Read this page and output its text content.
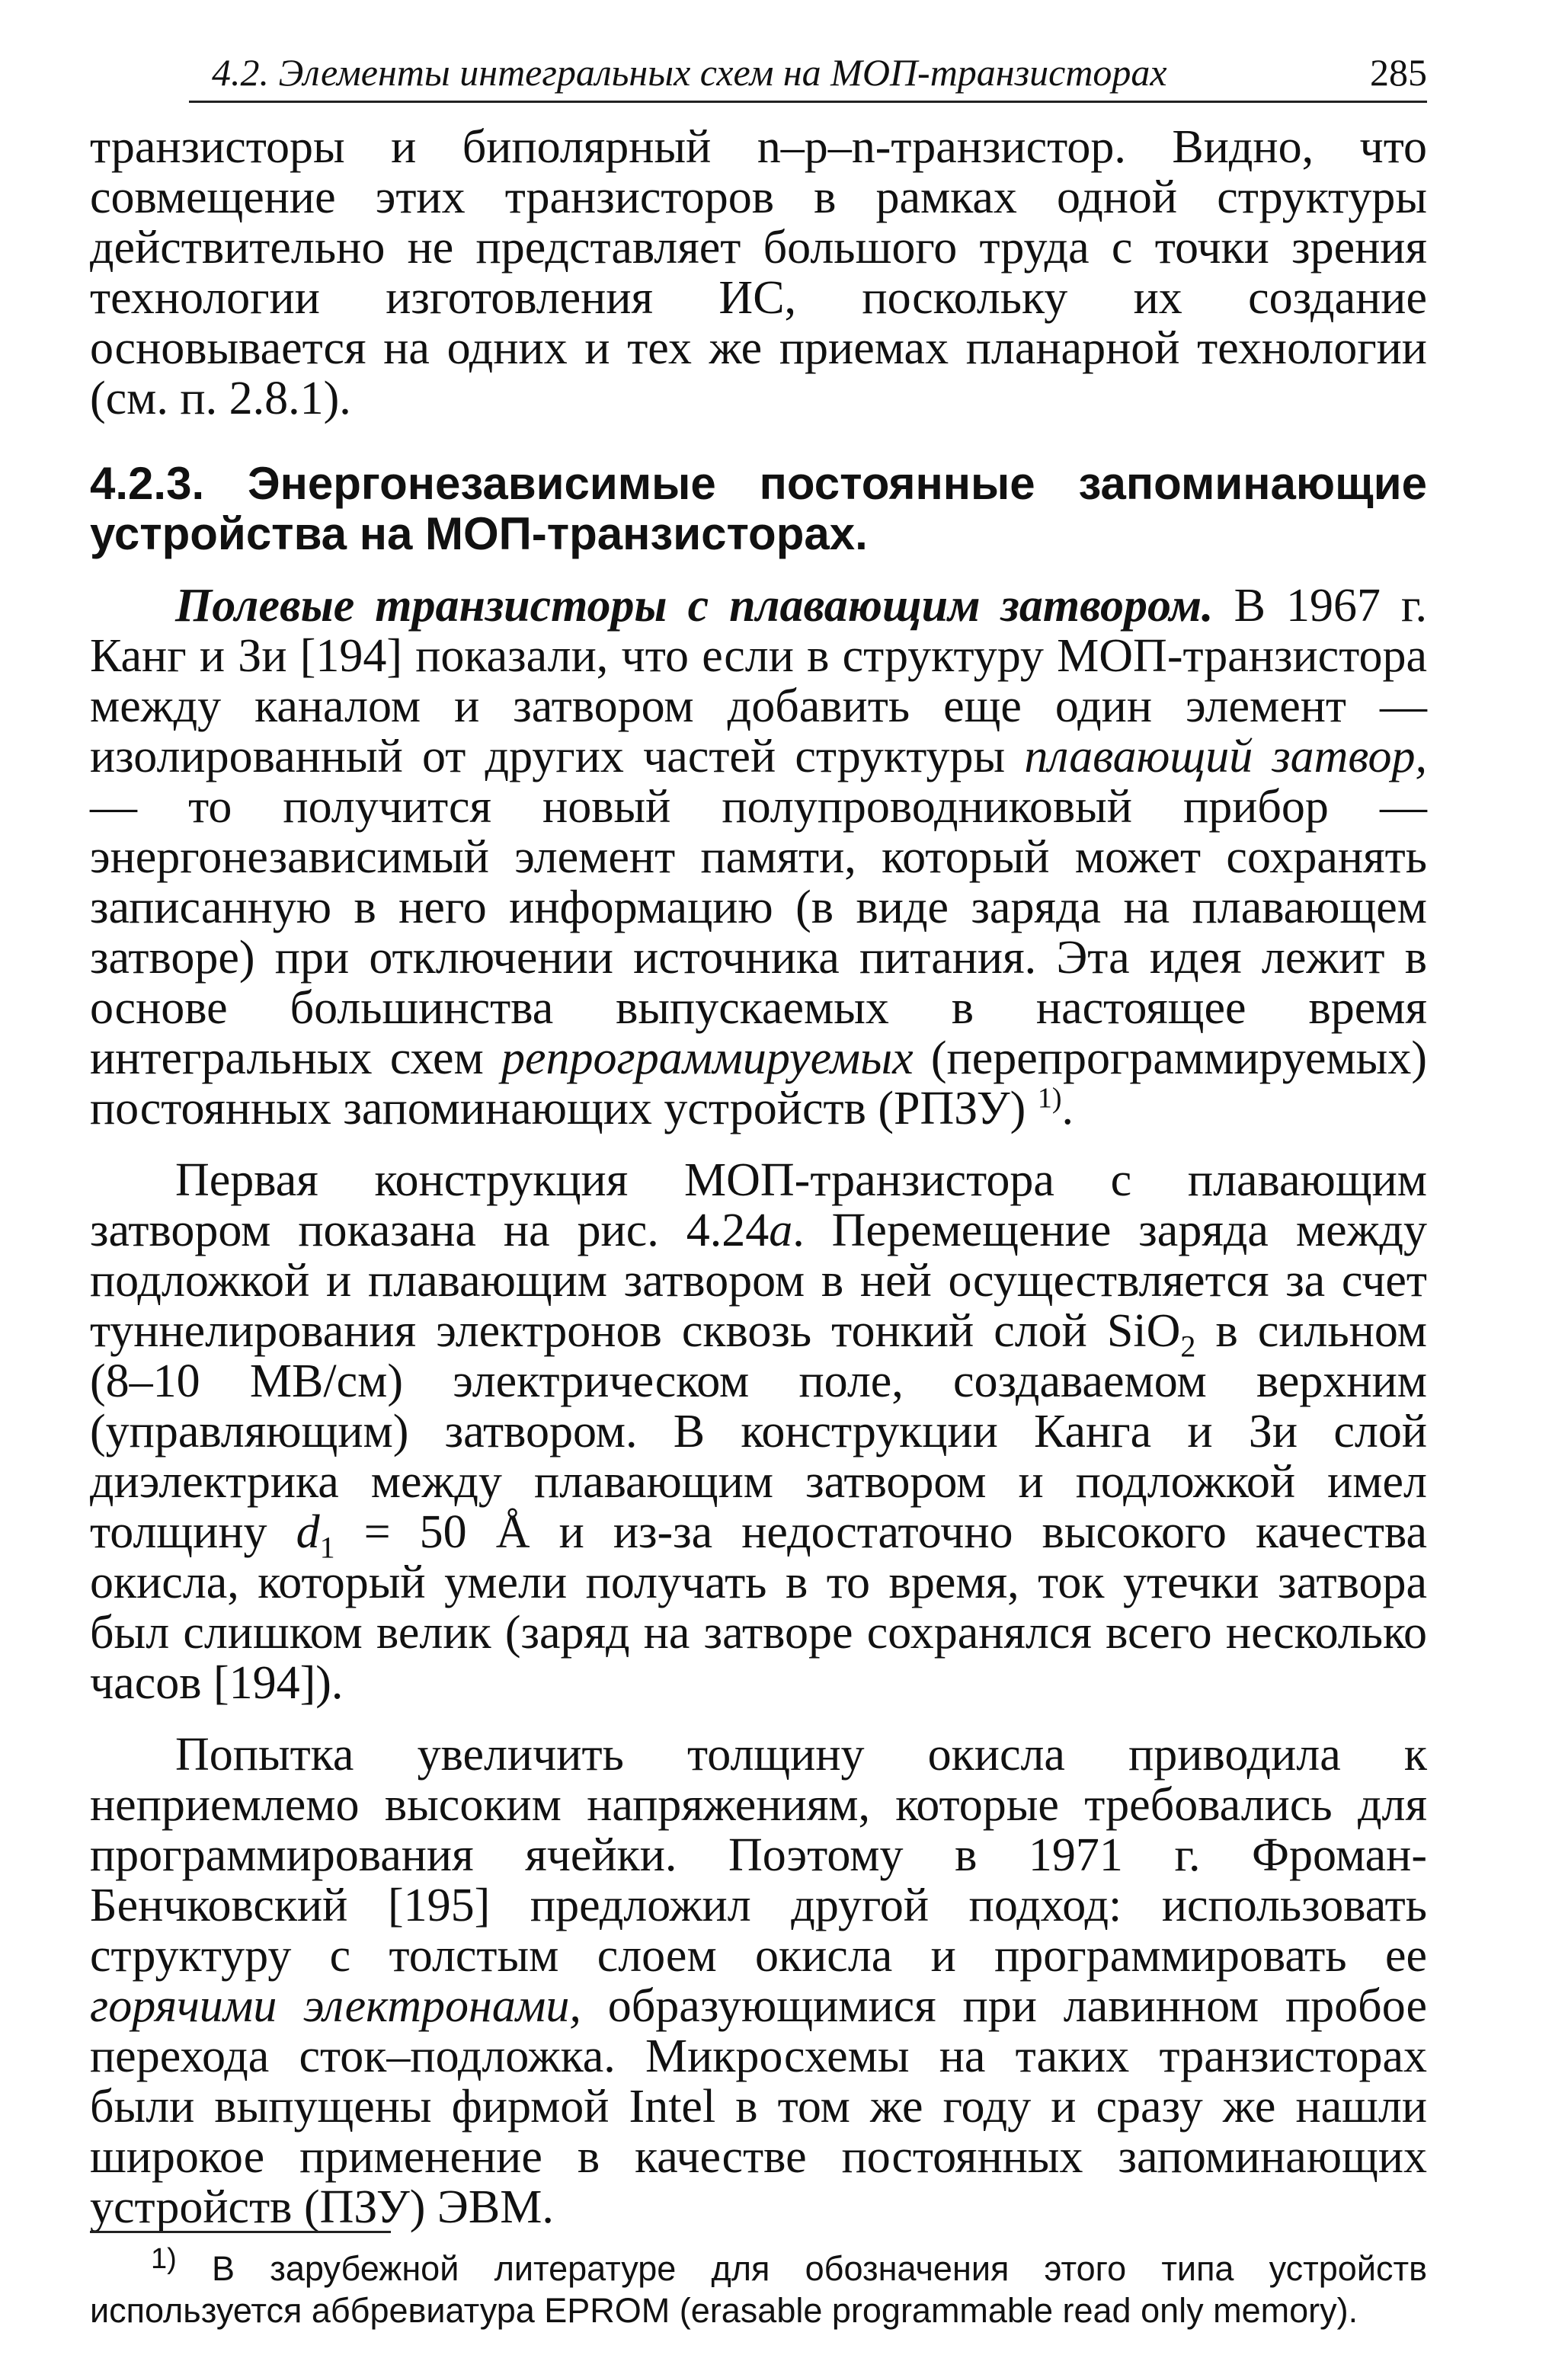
4.2. Элементы интегральных схем на МОП-транзисторах	285

транзисторы и биполярный n–p–n-транзистор. Видно, что совмещение этих транзисторов в рамках одной структуры действительно не представляет большого труда с точки зрения технологии изготовления ИС, поскольку их создание основывается на одних и тех же приемах планарной технологии (см. п. 2.8.1).

4.2.3. Энергонезависимые постоянные запоминающие устройства на МОП-транзисторах.

Полевые транзисторы с плавающим затвором. В 1967 г. Канг и Зи [194] показали, что если в структуру МОП-транзистора между каналом и затвором добавить еще один элемент — изолированный от других частей структуры плавающий затвор, — то получится новый полупроводниковый прибор — энергонезависимый элемент памяти, который может сохранять записанную в него информацию (в виде заряда на плавающем затворе) при отключении источника питания. Эта идея лежит в основе большинства выпускаемых в настоящее время интегральных схем репрограммируемых (перепрограммируемых) постоянных запоминающих устройств (РПЗУ) $^{1)}$.

Первая конструкция МОП-транзистора с плавающим затвором показана на рис. 4.24a. Перемещение заряда между подложкой и плавающим затвором в ней осуществляется за счет туннелирования электронов сквозь тонкий слой SiO$_2$ в сильном (8–10 МВ/см) электрическом поле, создаваемом верхним (управляющим) затвором. В конструкции Канга и Зи слой диэлектрика между плавающим затвором и подложкой имел толщину $d_1 = 50$ Å и из-за недостаточно высокого качества окисла, который умели получать в то время, ток утечки затвора был слишком велик (заряд на затворе сохранялся всего несколько часов [194]).

Попытка увеличить толщину окисла приводила к неприемлемо высоким напряжениям, которые требовались для программирования ячейки. Поэтому в 1971 г. Фроман-Бенчковский [195] предложил другой подход: использовать структуру с толстым слоем окисла и программировать ее горячими электронами, образующимися при лавинном пробое перехода сток–подложка. Микросхемы на таких транзисторах были выпущены фирмой Intel в том же году и сразу же нашли широкое применение в качестве постоянных запоминающих устройств (ПЗУ) ЭВМ.

$^{1)}$ В зарубежной литературе для обозначения этого типа устройств используется аббревиатура EPROM (erasable programmable read only memory).
